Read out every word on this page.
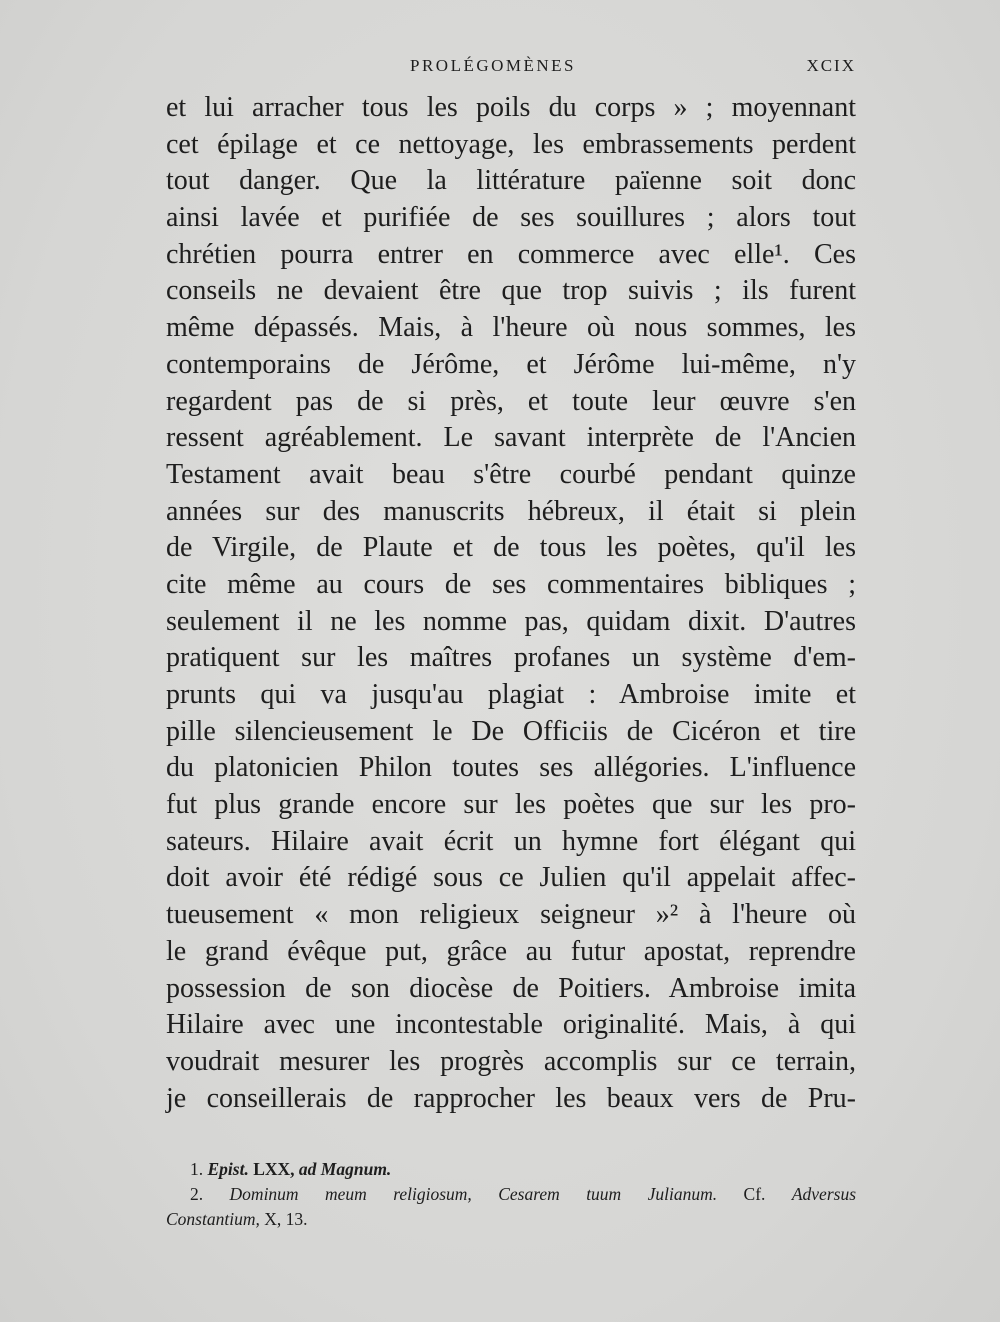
PROLÉGOMÈNES	XCIX
et lui arracher tous les poils du corps » ; moyennant
cet épilage et ce nettoyage, les embrassements perdent
tout danger. Que la littérature païenne soit donc
ainsi lavée et purifiée de ses souillures ; alors tout
chrétien pourra entrer en commerce avec elle¹. Ces
conseils ne devaient être que trop suivis ; ils furent
même dépassés. Mais, à l'heure où nous sommes, les
contemporains de Jérôme, et Jérôme lui-même, n'y
regardent pas de si près, et toute leur œuvre s'en
ressent agréablement. Le savant interprète de l'Ancien
Testament avait beau s'être courbé pendant quinze
années sur des manuscrits hébreux, il était si plein
de Virgile, de Plaute et de tous les poètes, qu'il les
cite même au cours de ses commentaires bibliques ;
seulement il ne les nomme pas, quidam dixit. D'autres
pratiquent sur les maîtres profanes un système d'em-
prunts qui va jusqu'au plagiat : Ambroise imite et
pille silencieusement le De Officiis de Cicéron et tire
du platonicien Philon toutes ses allégories. L'influence
fut plus grande encore sur les poètes que sur les pro-
sateurs. Hilaire avait écrit un hymne fort élégant qui
doit avoir été rédigé sous ce Julien qu'il appelait affec-
tueusement « mon religieux seigneur »² à l'heure où
le grand évêque put, grâce au futur apostat, reprendre
possession de son diocèse de Poitiers. Ambroise imita
Hilaire avec une incontestable originalité. Mais, à qui
voudrait mesurer les progrès accomplis sur ce terrain,
je conseillerais de rapprocher les beaux vers de Pru-
1. Epist. LXX, ad Magnum.
2. Dominum meum religiosum, Cesarem tuum Julianum. Cf. Adversus
Constantium, X, 13.
